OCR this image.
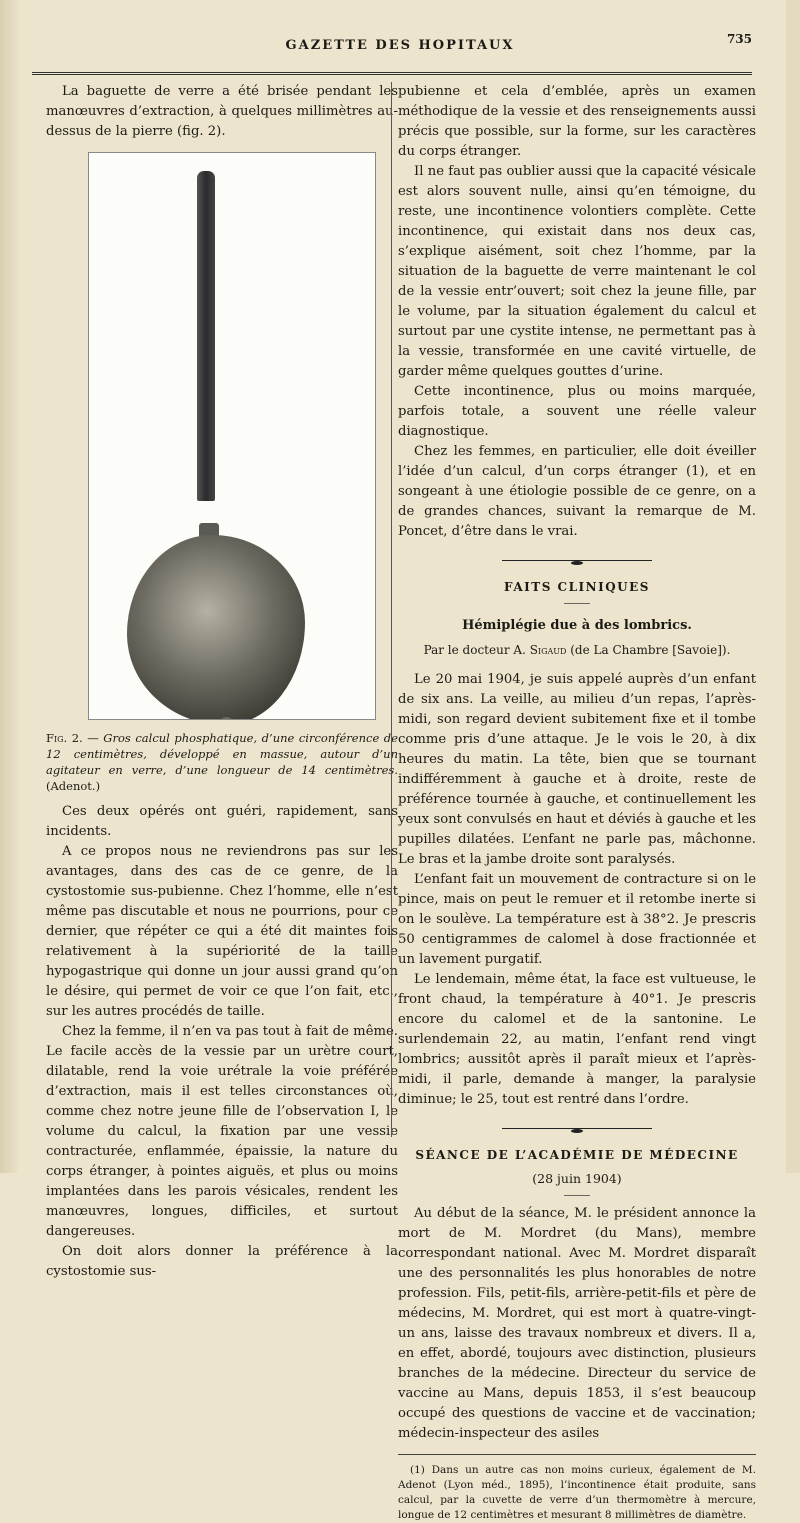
GAZETTE DES HOPITAUX	735

La baguette de verre a été brisée pendant les manœuvres d’extraction, à quelques millimètres au-dessus de la pierre (fig. 2).

Fig. 2. — Gros calcul phosphatique, d’une circonférence de 12 centimètres, développé en massue, autour d’un agitateur en verre, d’une longueur de 14 centimètres. (Adenot.)

Ces deux opérés ont guéri, rapidement, sans incidents.

A ce propos nous ne reviendrons pas sur les avantages, dans des cas de ce genre, de la cystostomie sus-pubienne. Chez l’homme, elle n’est même pas discutable et nous ne pourrions, pour ce dernier, que répéter ce qui a été dit maintes fois relativement à la supériorité de la taille hypogastrique qui donne un jour aussi grand qu’on le désire, qui permet de voir ce que l’on fait, etc., sur les autres procédés de taille.

Chez la femme, il n’en va pas tout à fait de même. Le facile accès de la vessie par un urètre court, dilatable, rend la voie urétrale la voie préférée d’extraction, mais il est telles circonstances où, comme chez notre jeune fille de l’observation I, le volume du calcul, la fixation par une vessie contracturée, enflammée, épaissie, la nature du corps étranger, à pointes aiguës, et plus ou moins implantées dans les parois vésicales, rendent les manœuvres, longues, difficiles, et surtout dangereuses.

On doit alors donner la préférence à la cystostomie sus-

pubienne et cela d’emblée, après un examen méthodique de la vessie et des renseignements aussi précis que possible, sur la forme, sur les caractères du corps étranger.

Il ne faut pas oublier aussi que la capacité vésicale est alors souvent nulle, ainsi qu’en témoigne, du reste, une incontinence volontiers complète. Cette incontinence, qui existait dans nos deux cas, s’explique aisément, soit chez l’homme, par la situation de la baguette de verre maintenant le col de la vessie entr’ouvert; soit chez la jeune fille, par le volume, par la situation également du calcul et surtout par une cystite intense, ne permettant pas à la vessie, transformée en une cavité virtuelle, de garder même quelques gouttes d’urine.

Cette incontinence, plus ou moins marquée, parfois totale, a souvent une réelle valeur diagnostique.

Chez les femmes, en particulier, elle doit éveiller l’idée d’un calcul, d’un corps étranger (1), et en songeant à une étiologie possible de ce genre, on a de grandes chances, suivant la remarque de M. Poncet, d’être dans le vrai.

FAITS CLINIQUES
Hémiplégie due à des lombrics.
Par le docteur A. Sigaud (de La Chambre [Savoie]).

Le 20 mai 1904, je suis appelé auprès d’un enfant de six ans. La veille, au milieu d’un repas, l’après-midi, son regard devient subitement fixe et il tombe comme pris d’une attaque. Je le vois le 20, à dix heures du matin. La tête, bien que se tournant indifféremment à gauche et à droite, reste de préférence tournée à gauche, et continuellement les yeux sont convulsés en haut et déviés à gauche et les pupilles dilatées. L’enfant ne parle pas, mâchonne. Le bras et la jambe droite sont paralysés.

L’enfant fait un mouvement de contracture si on le pince, mais on peut le remuer et il retombe inerte si on le soulève. La température est à 38°2. Je prescris 50 centigrammes de calomel à dose fractionnée et un lavement purgatif.

Le lendemain, même état, la face est vultueuse, le front chaud, la température à 40°1. Je prescris encore du calomel et de la santonine. Le surlendemain 22, au matin, l’enfant rend vingt lombrics; aussitôt après il paraît mieux et l’après-midi, il parle, demande à manger, la paralysie diminue; le 25, tout est rentré dans l’ordre.

SÉANCE DE L’ACADÉMIE DE MÉDECINE
(28 juin 1904)

Au début de la séance, M. le président annonce la mort de M. Mordret (du Mans), membre correspondant national. Avec M. Mordret disparaît une des personnalités les plus honorables de notre profession. Fils, petit-fils, arrière-petit-fils et père de médecins, M. Mordret, qui est mort à quatre-vingt-un ans, laisse des travaux nombreux et divers. Il a, en effet, abordé, toujours avec distinction, plusieurs branches de la médecine. Directeur du service de vaccine au Mans, depuis 1853, il s’est beaucoup occupé des questions de vaccine et de vaccination; médecin-inspecteur des asiles

(1) Dans un autre cas non moins curieux, également de M. Adenot (Lyon méd., 1895), l’incontinence était produite, sans calcul, par la cuvette de verre d’un thermomètre à mercure, longue de 12 centimètres et mesurant 8 millimètres de diamètre.
